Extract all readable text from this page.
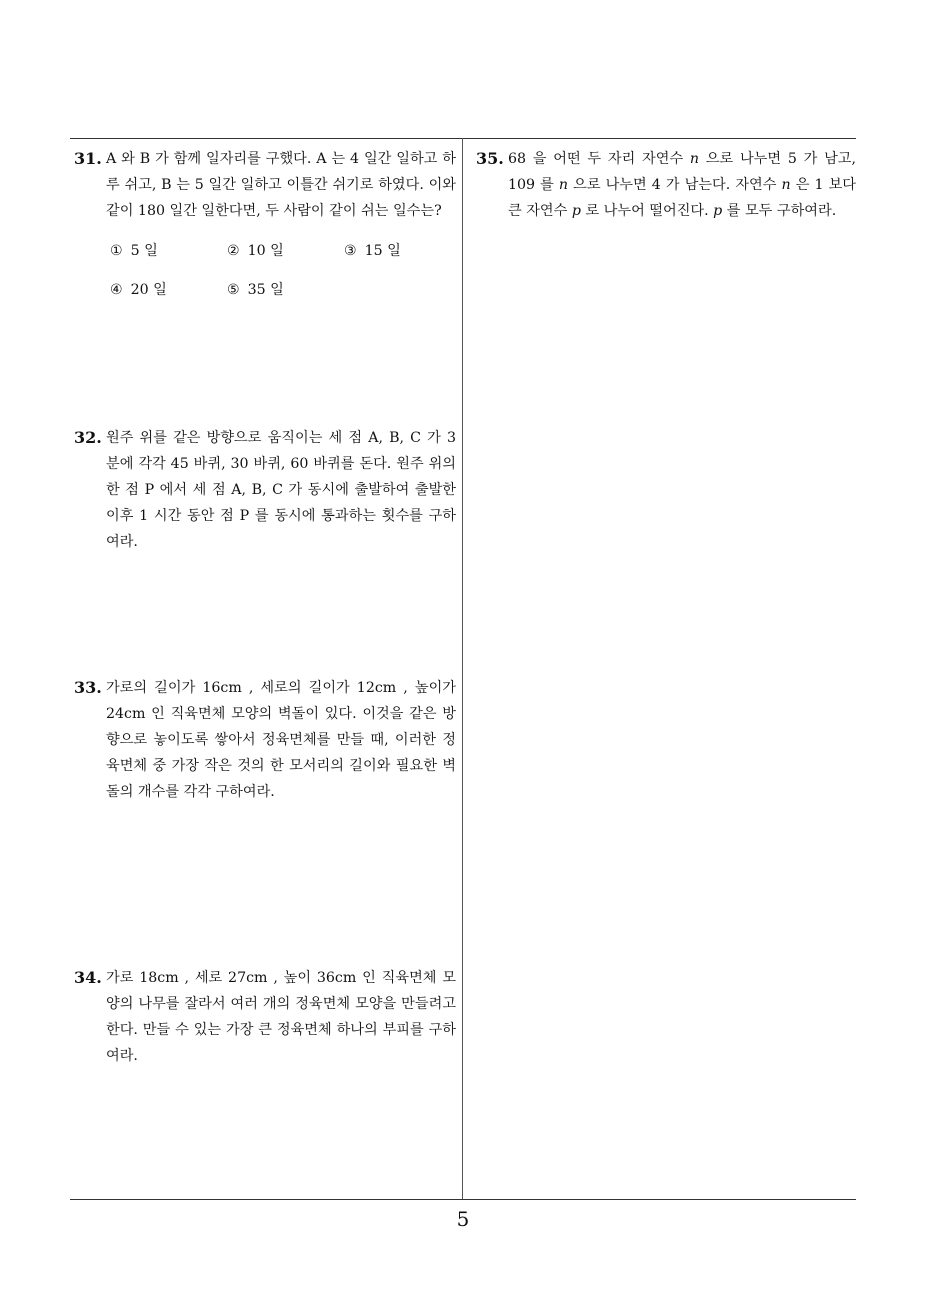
31. A 와 B 가 함께 일자리를 구했다. A 는 4 일간 일하고 하루 쉬고, B 는 5 일간 일하고 이틀간 쉬기로 하였다. 이와 같이 180 일간 일한다면, 두 사람이 같이 쉬는 일수는?
① 5 일	② 10 일	③ 15 일
④ 20 일	⑤ 35 일
32. 원주 위를 같은 방향으로 움직이는 세 점 A, B, C 가 3 분에 각각 45 바퀴, 30 바퀴, 60 바퀴를 돈다. 원주 위의 한 점 P 에서 세 점 A, B, C 가 동시에 출발하여 출발한 이후 1 시간 동안 점 P 를 동시에 통과하는 횟수를 구하여라.
33. 가로의 길이가 16cm , 세로의 길이가 12cm , 높이가 24cm 인 직육면체 모양의 벽돌이 있다. 이것을 같은 방향으로 놓이도록 쌓아서 정육면체를 만들 때, 이러한 정육면체 중 가장 작은 것의 한 모서리의 길이와 필요한 벽돌의 개수를 각각 구하여라.
34. 가로 18cm , 세로 27cm , 높이 36cm 인 직육면체 모양의 나무를 잘라서 여러 개의 정육면체 모양을 만들려고 한다. 만들 수 있는 가장 큰 정육면체 하나의 부피를 구하여라.
35. 68 을 어떤 두 자리 자연수 n 으로 나누면 5 가 남고, 109 를 n 으로 나누면 4 가 남는다. 자연수 n 은 1 보다 큰 자연수 p 로 나누어 떨어진다. p 를 모두 구하여라.
5
